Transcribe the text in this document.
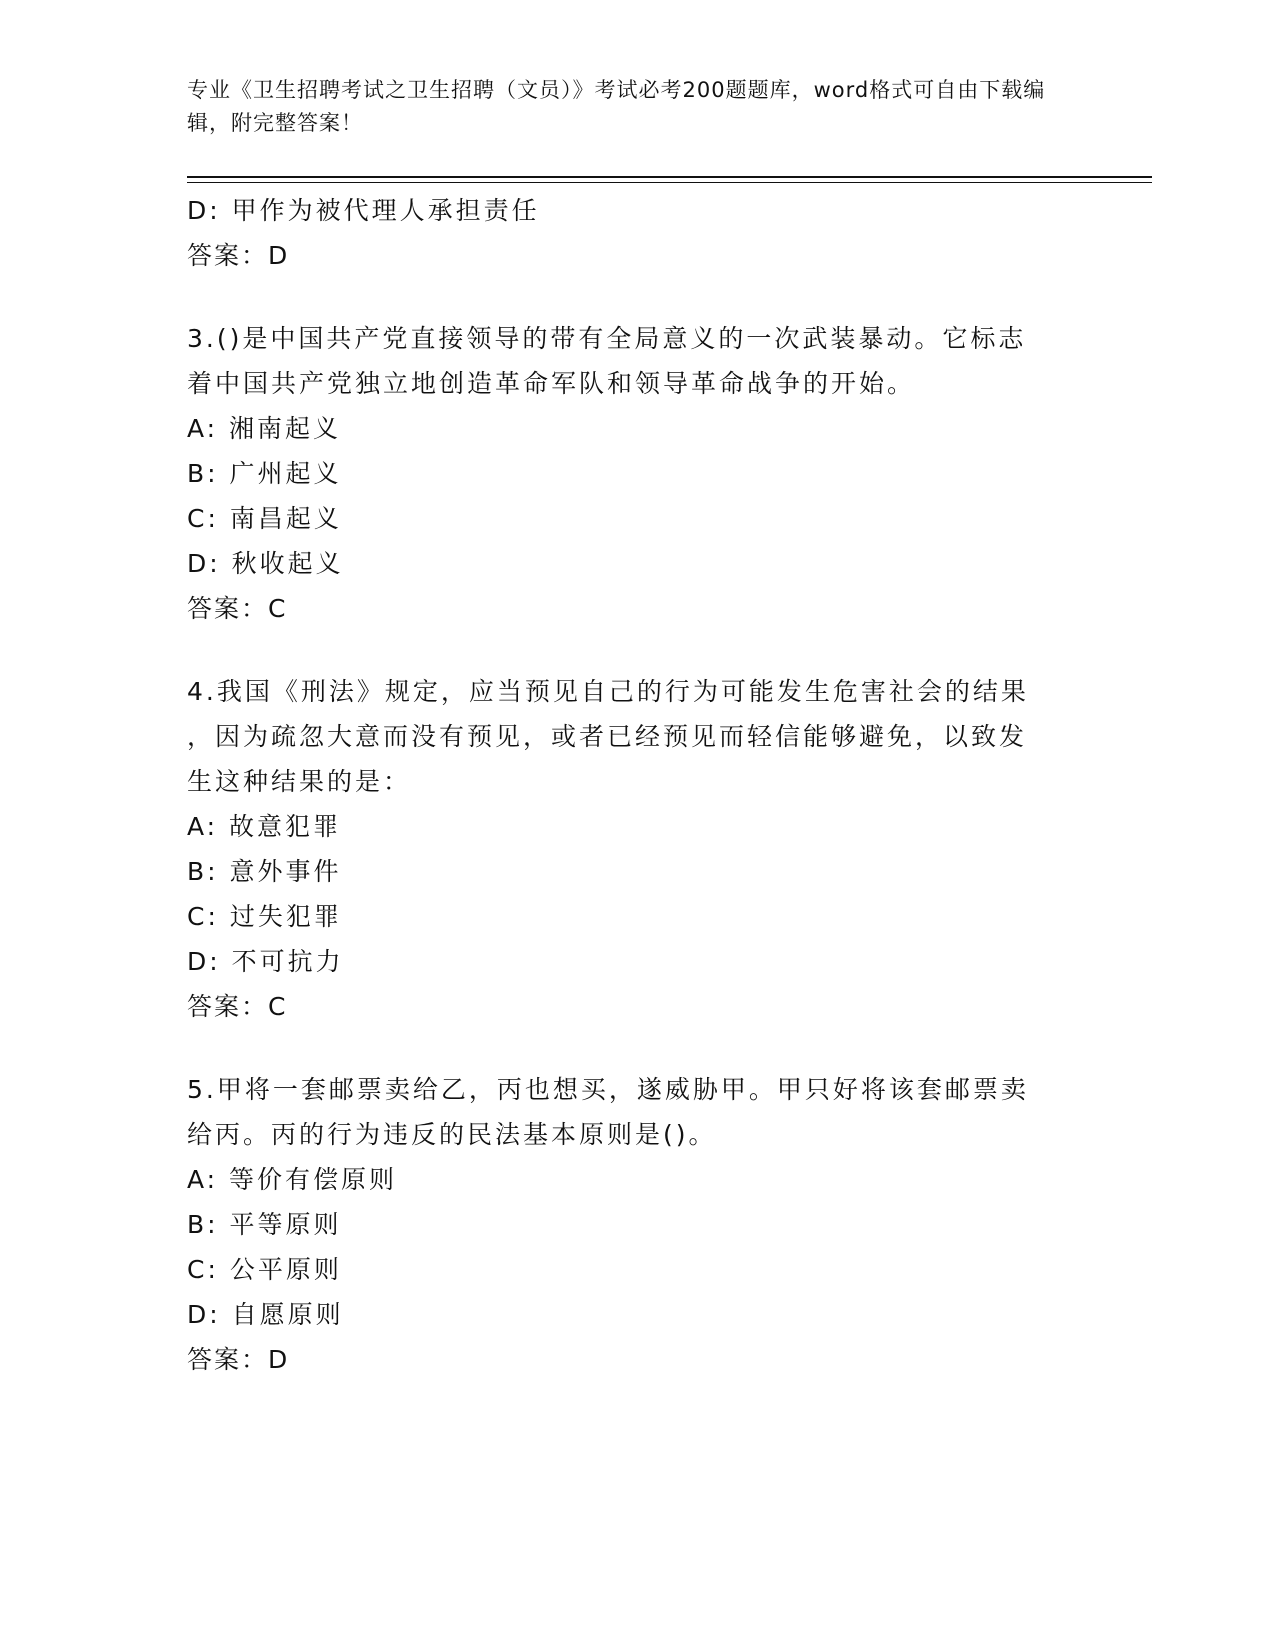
专业《卫生招聘考试之卫生招聘（文员）》考试必考200题题库，word格式可自由下载编辑，附完整答案！
D: 甲作为被代理人承担责任
答案：D
3.()是中国共产党直接领导的带有全局意义的一次武装暴动。它标志
着中国共产党独立地创造革命军队和领导革命战争的开始。
A: 湘南起义
B: 广州起义
C: 南昌起义
D: 秋收起义
答案：C
4.我国《刑法》规定，应当预见自己的行为可能发生危害社会的结果
，因为疏忽大意而没有预见，或者已经预见而轻信能够避免，以致发
生这种结果的是：
A: 故意犯罪
B: 意外事件
C: 过失犯罪
D: 不可抗力
答案：C
5.甲将一套邮票卖给乙，丙也想买，遂威胁甲。甲只好将该套邮票卖
给丙。丙的行为违反的民法基本原则是()。
A: 等价有偿原则
B: 平等原则
C: 公平原则
D: 自愿原则
答案：D
